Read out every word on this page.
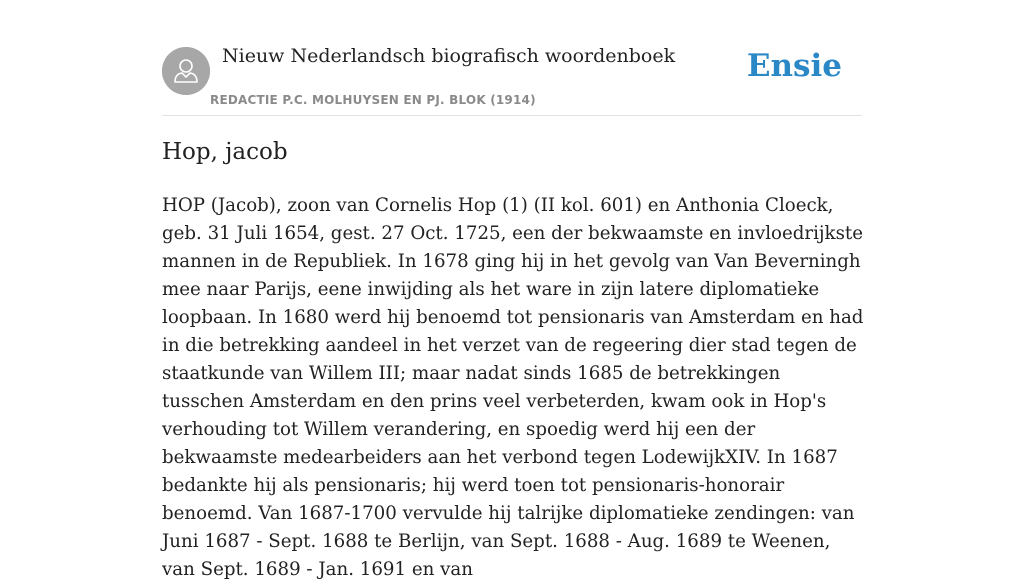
Nieuw Nederlandsch biografisch woordenboek
REDACTIE P.C. MOLHUYSEN EN PJ. BLOK (1914)
Ensie
Hop, jacob

HOP (Jacob), zoon van Cornelis Hop (1) (II kol. 601) en Anthonia Cloeck, geb. 31 Juli 1654, gest. 27 Oct. 1725, een der bekwaamste en invloedrijkste mannen in de Republiek. In 1678 ging hij in het gevolg van Van Beverningh mee naar Parijs, eene inwijding als het ware in zijn latere diplomatieke loopbaan. In 1680 werd hij benoemd tot pensionaris van Amsterdam en had in die betrekking aandeel in het verzet van de regeering dier stad tegen de staatkunde van Willem III; maar nadat sinds 1685 de betrekkingen tusschen Amsterdam en den prins veel verbeterden, kwam ook in Hop's verhouding tot Willem verandering, en spoedig werd hij een der bekwaamste medearbeiders aan het verbond tegen LodewijkXIV. In 1687 bedankte hij als pensionaris; hij werd toen tot pensionaris-honorair benoemd. Van 1687-1700 vervulde hij talrijke diplomatieke zendingen: van Juni 1687 - Sept. 1688 te Berlijn, van Sept. 1688 - Aug. 1689 te Weenen, van Sept. 1689 - Jan. 1691 en van
